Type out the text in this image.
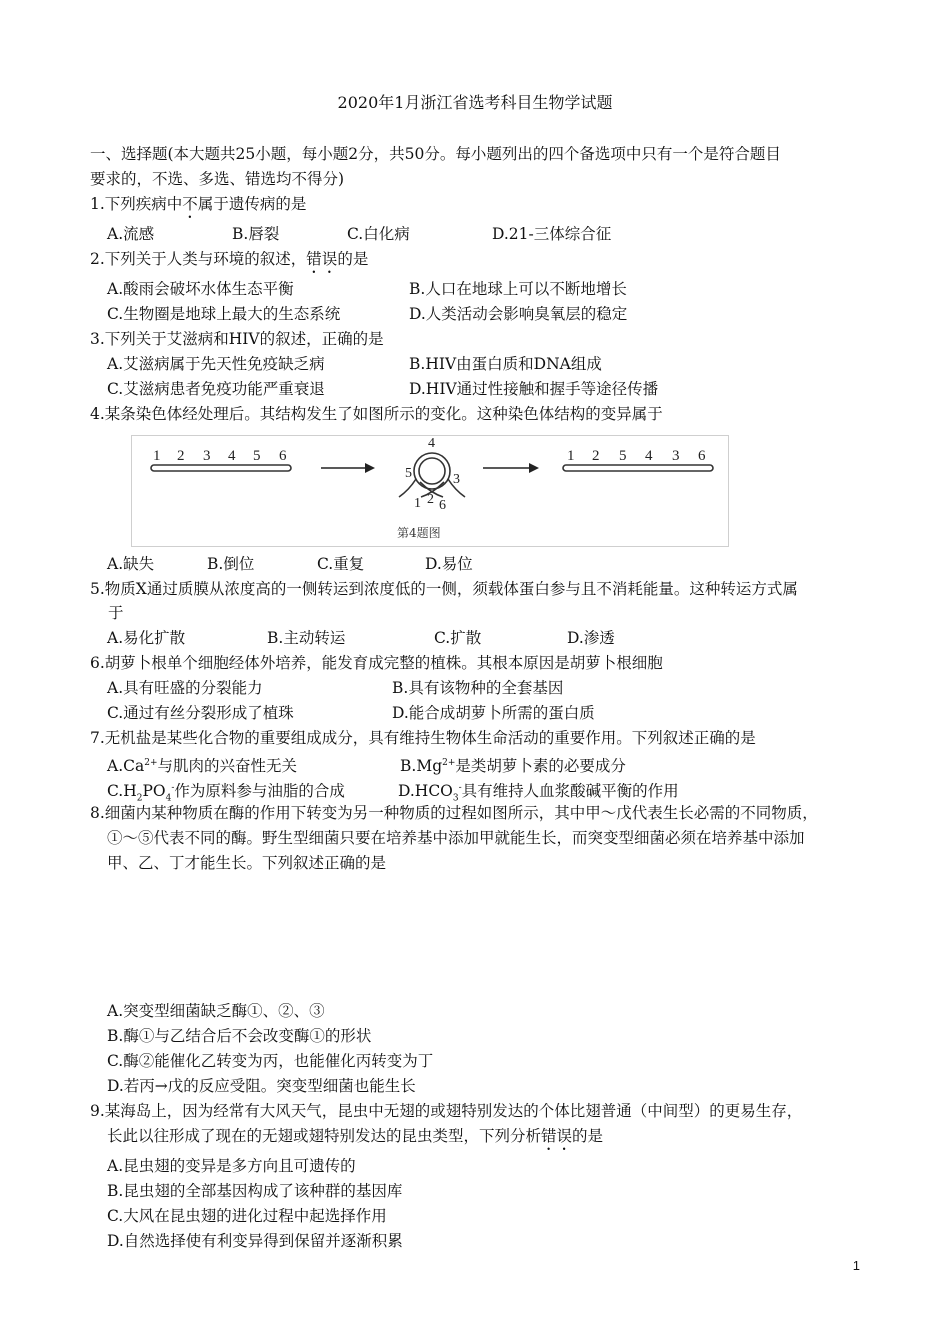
2020年1月浙江省选考科目生物学试题
一、选择题(本大题共25小题，每小题2分，共50分。每小题列出的四个备选项中只有一个是符合题目
要求的，不选、多选、错选均不得分)
1.下列疾病中不属于遗传病的是
A.流感	B.唇裂	C.白化病	D.21-三体综合征
2.下列关于人类与环境的叙述，错误的是
A.酸雨会破坏水体生态平衡	B.人口在地球上可以不断地增长
C.生物圈是地球上最大的生态系统	D.人类活动会影响臭氧层的稳定
3.下列关于艾滋病和HIV的叙述，正确的是
A.艾滋病属于先天性免疫缺乏病	B.HIV由蛋白质和DNA组成
C.艾滋病患者免疫功能严重衰退	D.HIV通过性接触和握手等途径传播
4.某条染色体经处理后。其结构发生了如图所示的变化。这种染色体结构的变异属于
1 2 3 4 5 6
4
5	3
1 2 6
1 2 5 4 3 6
第4题图
A.缺失	B.倒位	C.重复	D.易位
5.物质X通过质膜从浓度高的一侧转运到浓度低的一侧，须载体蛋白参与且不消耗能量。这种转运方式属
于
A.易化扩散	B.主动转运	C.扩散	D.渗透
6.胡萝卜根单个细胞经体外培养，能发育成完整的植株。其根本原因是胡萝卜根细胞
A.具有旺盛的分裂能力	B.具有该物种的全套基因
C.通过有丝分裂形成了植珠	D.能合成胡萝卜所需的蛋白质
7.无机盐是某些化合物的重要组成成分，具有维持生物体生命活动的重要作用。下列叙述正确的是
$A.Ca^{2+}$与肌肉的兴奋性无关	$B.Mg^{2+}$是类胡萝卜素的必要成分
$C.H_2PO_4^-$作为原料参与油脂的合成	$D.HCO_3^-$具有维持人血浆酸碱平衡的作用
8.细菌内某种物质在酶的作用下转变为另一种物质的过程如图所示，其中甲～戊代表生长必需的不同物质，
①～⑤代表不同的酶。野生型细菌只要在培养基中添加甲就能生长，而突变型细菌必须在培养基中添加
甲、乙、丁才能生长。下列叙述正确的是
A.突变型细菌缺乏酶①、②、③
B.酶①与乙结合后不会改变酶①的形状
C.酶②能催化乙转变为丙，也能催化丙转变为丁
D.若丙→戊的反应受阻。突变型细菌也能生长
9.某海岛上，因为经常有大风天气，昆虫中无翅的或翅特别发达的个体比翅普通（中间型）的更易生存，
长此以往形成了现在的无翅或翅特别发达的昆虫类型，下列分析错误的是
A.昆虫翅的变异是多方向且可遗传的
B.昆虫翅的全部基因构成了该种群的基因库
C.大风在昆虫翅的进化过程中起选择作用
D.自然选择使有利变异得到保留并逐渐积累
1
